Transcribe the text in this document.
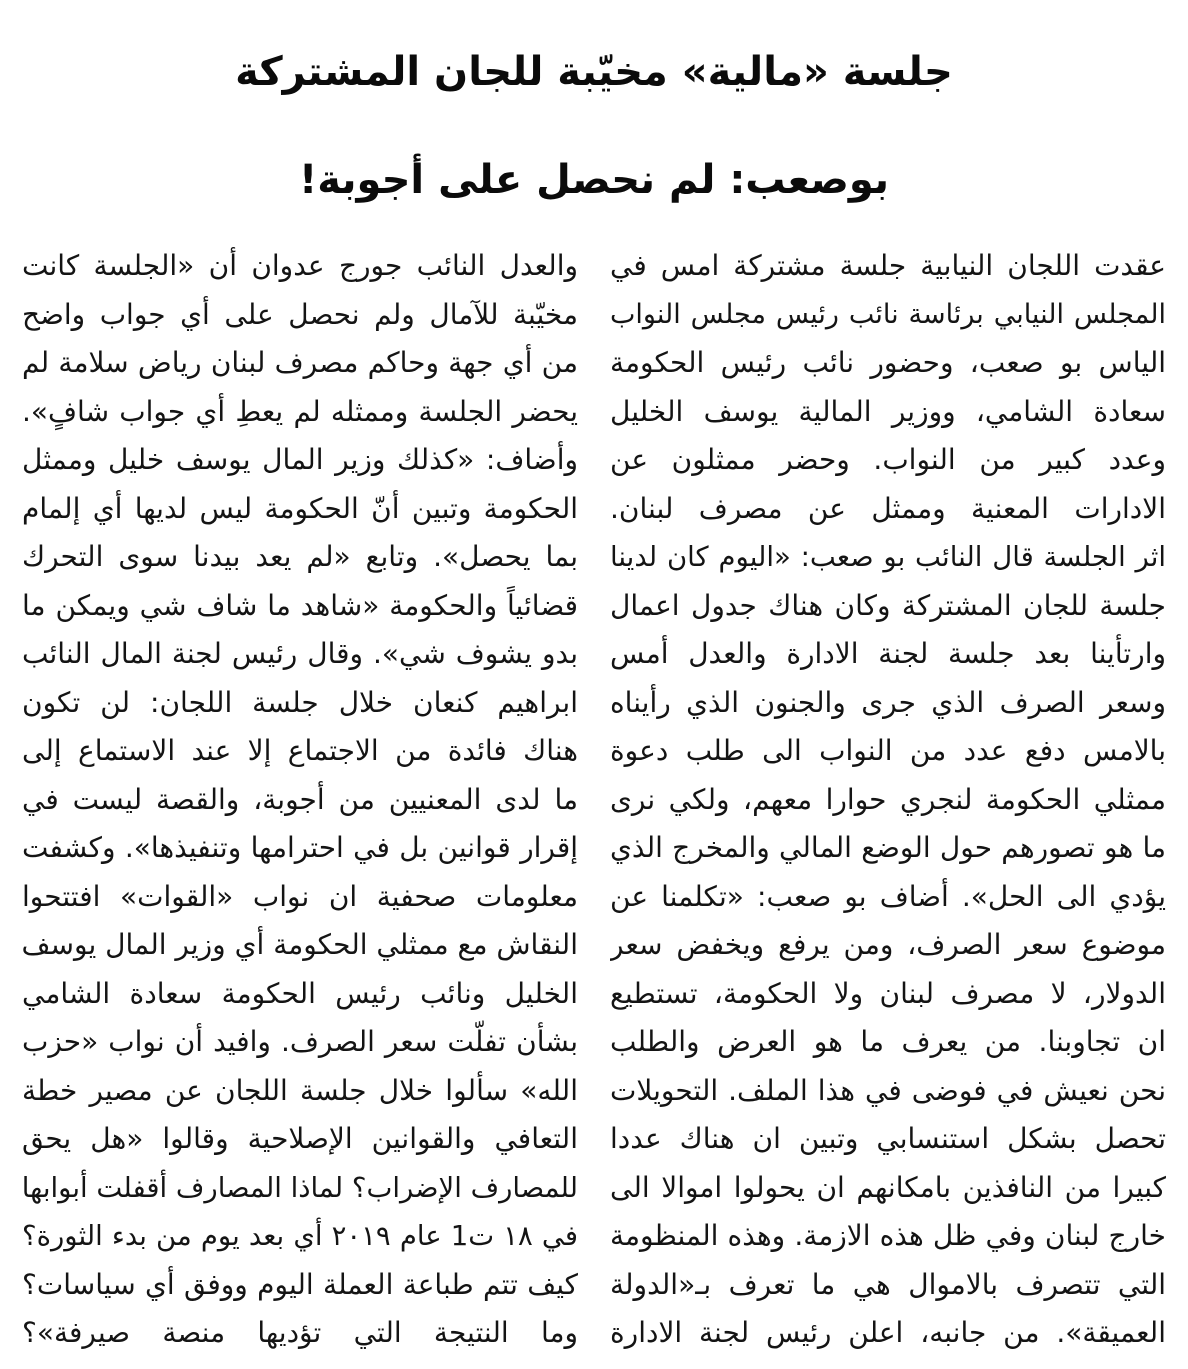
جلسة «مالية» مخيّبة للجان المشتركة
بوصعب: لم نحصل على أجوبة!
عقدت اللجان النيابية جلسة مشتركة امس في
المجلس النيابي برئاسة نائب رئيس مجلس النواب
الياس بو صعب، وحضور نائب رئيس الحكومة
سعادة الشامي، ووزير المالية يوسف الخليل
وعدد كبير من النواب. وحضر ممثلون عن
الادارات المعنية وممثل عن مصرف لبنان.
اثر الجلسة قال النائب بو صعب: «اليوم كان لدينا
جلسة للجان المشتركة وكان هناك جدول اعمال
وارتأينا بعد جلسة لجنة الادارة والعدل أمس
وسعر الصرف الذي جرى والجنون الذي رأيناه
بالامس دفع عدد من النواب الى طلب دعوة
ممثلي الحكومة لنجري حوارا معهم، ولكي نرى
ما هو تصورهم حول الوضع المالي والمخرج الذي
يؤدي الى الحل». أضاف بو صعب: «تكلمنا عن
موضوع سعر الصرف، ومن يرفع ويخفض سعر
الدولار، لا مصرف لبنان ولا الحكومة، تستطيع
ان تجاوبنا. من يعرف ما هو العرض والطلب
نحن نعيش في فوضى في هذا الملف. التحويلات
تحصل بشكل استنسابي وتبين ان هناك عددا
كبيرا من النافذين بامكانهم ان يحولوا اموالا الى
خارج لبنان وفي ظل هذه الازمة. وهذه المنظومة
التي تتصرف بالاموال هي ما تعرف بـ«الدولة
العميقة». من جانبه، اعلن رئيس لجنة الادارة
والعدل النائب جورج عدوان أن «الجلسة كانت
مخيّبة للآمال ولم نحصل على أي جواب واضح
من أي جهة وحاكم مصرف لبنان رياض سلامة لم
يحضر الجلسة وممثله لم يعطِ أي جواب شافٍ».
وأضاف: «كذلك وزير المال يوسف خليل وممثل
الحكومة وتبين أنّ الحكومة ليس لديها أي إلمام
بما يحصل». وتابع «لم يعد بيدنا سوى التحرك
قضائياً والحكومة «شاهد ما شاف شي ويمكن ما
بدو يشوف شي». وقال رئيس لجنة المال النائب
ابراهيم كنعان خلال جلسة اللجان: لن تكون
هناك فائدة من الاجتماع إلا عند الاستماع إلى
ما لدى المعنيين من أجوبة، والقصة ليست في
إقرار قوانين بل في احترامها وتنفيذها». وكشفت
معلومات صحفية ان نواب «القوات» افتتحوا
النقاش مع ممثلي الحكومة أي وزير المال يوسف
الخليل ونائب رئيس الحكومة سعادة الشامي
بشأن تفلّت سعر الصرف. وافيد أن نواب «حزب
الله» سألوا خلال جلسة اللجان عن مصير خطة
التعافي والقوانين الإصلاحية وقالوا «هل يحق
للمصارف الإضراب؟ لماذا المصارف أقفلت أبوابها
في ١٨ ت1 عام ٢٠١٩ أي بعد يوم من بدء الثورة؟
كيف تتم طباعة العملة اليوم ووفق أي سياسات؟
وما النتيجة التي تؤديها منصة صيرفة»؟
